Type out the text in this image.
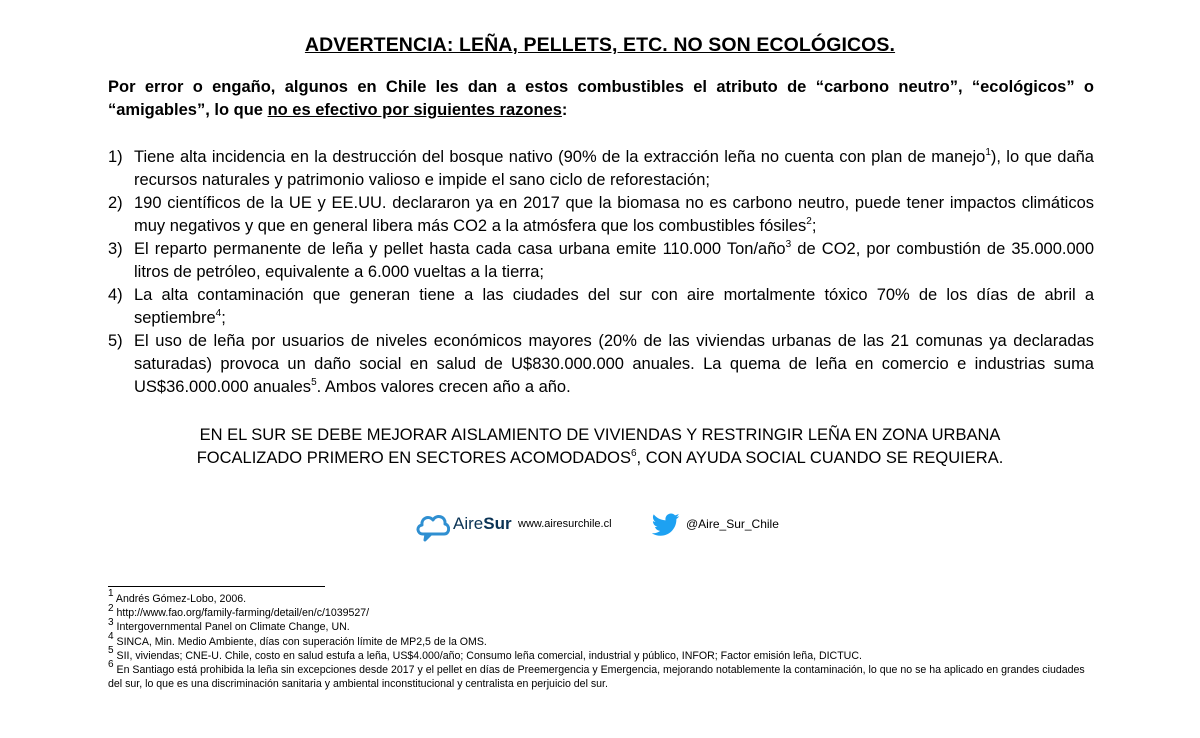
ADVERTENCIA: LEÑA, PELLETS, ETC. NO SON ECOLÓGICOS.
Por error o engaño, algunos en Chile les dan a estos combustibles el atributo de “carbono neutro”, “ecológicos” o “amigables”, lo que no es efectivo por siguientes razones:
1) Tiene alta incidencia en la destrucción del bosque nativo (90% de la extracción leña no cuenta con plan de manejo$^1$), lo que daña recursos naturales y patrimonio valioso e impide el sano ciclo de reforestación;
2) 190 científicos de la UE y EE.UU. declararon ya en 2017 que la biomasa no es carbono neutro, puede tener impactos climáticos muy negativos y que en general libera más CO2 a la atmósfera que los combustibles fósiles$^2$;
3) El reparto permanente de leña y pellet hasta cada casa urbana emite 110.000 Ton/año$^3$ de CO2, por combustión de 35.000.000 litros de petróleo, equivalente a 6.000 vueltas a la tierra;
4) La alta contaminación que generan tiene a las ciudades del sur con aire mortalmente tóxico 70% de los días de abril a septiembre$^4$;
5) El uso de leña por usuarios de niveles económicos mayores (20% de las viviendas urbanas de las 21 comunas ya declaradas saturadas) provoca un daño social en salud de U$830.000.000 anuales. La quema de leña en comercio e industrias suma US$36.000.000 anuales$^5$. Ambos valores crecen año a año.
EN EL SUR SE DEBE MEJORAR AISLAMIENTO DE VIVIENDAS Y RESTRINGIR LEÑA EN ZONA URBANA
FOCALIZADO PRIMERO EN SECTORES ACOMODADOS$^6$, CON AYUDA SOCIAL CUANDO SE REQUIERA.
AireSur www.airesurchile.cl	@Aire_Sur_Chile

$^1$ Andrés Gómez-Lobo, 2006.

$^2$ http://www.fao.org/family-farming/detail/en/c/1039527/

$^3$ Intergovernmental Panel on Climate Change, UN.

$^4$ SINCA, Min. Medio Ambiente, días con superación límite de MP2,5 de la OMS.

$^5$ SII, viviendas; CNE-U. Chile, costo en salud estufa a leña, US$4.000/año; Consumo leña comercial, industrial y público, INFOR; Factor emisión leña, DICTUC.

$^6$ En Santiago está prohibida la leña sin excepciones desde 2017 y el pellet en días de Preemergencia y Emergencia, mejorando notablemente la contaminación, lo que no se ha aplicado en grandes ciudades del sur, lo que es una discriminación sanitaria y ambiental inconstitucional y centralista en perjuicio del sur.
